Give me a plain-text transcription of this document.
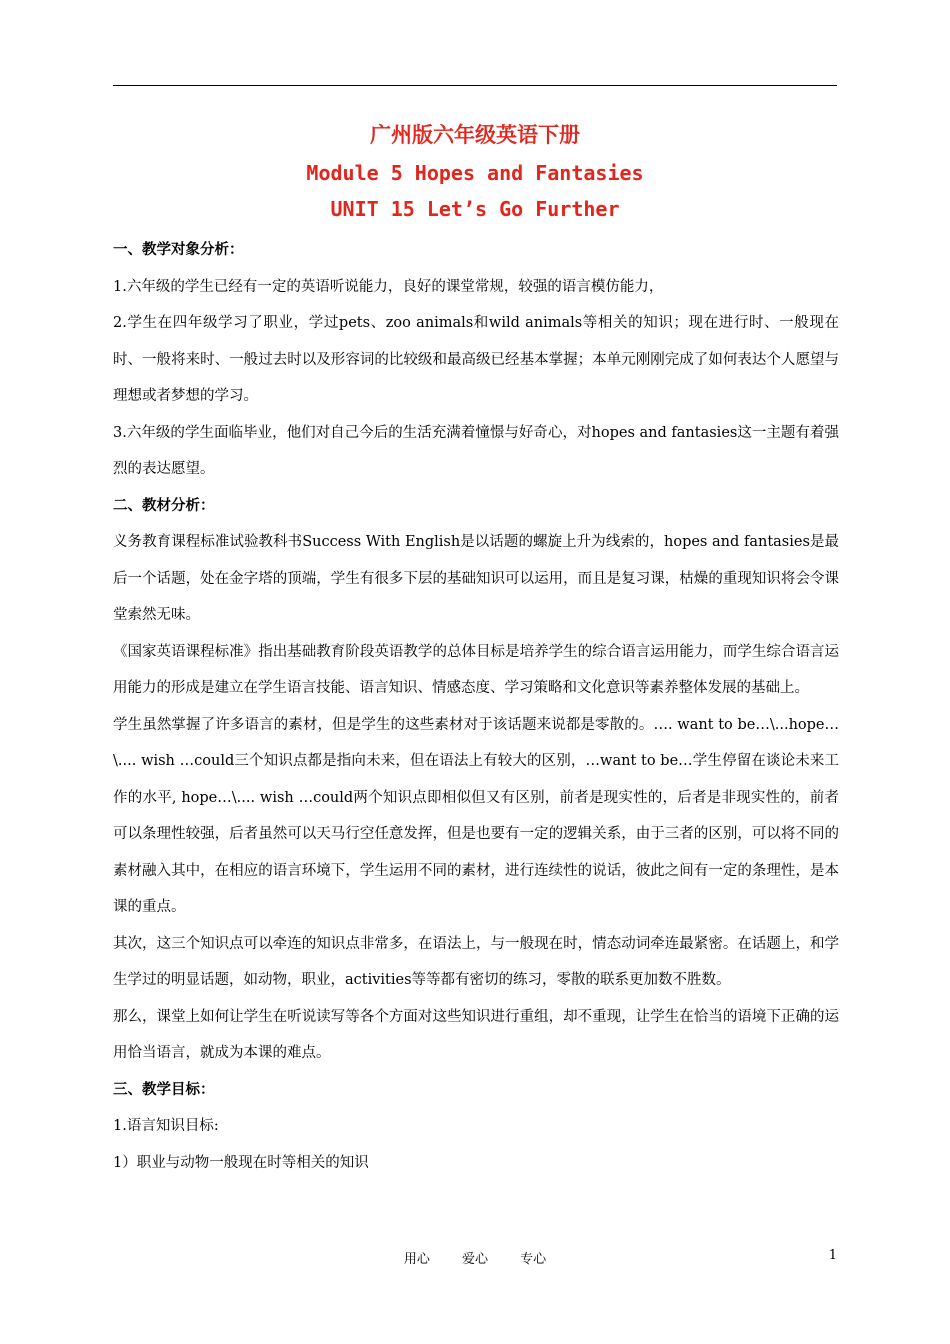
广州版六年级英语下册
Module 5 Hopes and Fantasies
UNIT 15 Let’s Go Further
一、教学对象分析：

1.六年级的学生已经有一定的英语听说能力，良好的课堂常规，较强的语言模仿能力，

2.学生在四年级学习了职业，学过pets、zoo animals和wild animals等相关的知识；现在进行时、一般现在时、一般将来时、一般过去时以及形容词的比较级和最高级已经基本掌握；本单元刚刚完成了如何表达个人愿望与理想或者梦想的学习。

3.六年级的学生面临毕业，他们对自己今后的生活充满着憧憬与好奇心，对hopes and fantasies这一主题有着强烈的表达愿望。

二、教材分析：

义务教育课程标准试验教科书Success With English是以话题的螺旋上升为线索的，hopes and fantasies是最后一个话题，处在金字塔的顶端，学生有很多下层的基础知识可以运用，而且是复习课，枯燥的重现知识将会令课堂索然无味。

《国家英语课程标准》指出基础教育阶段英语教学的总体目标是培养学生的综合语言运用能力，而学生综合语言运用能力的形成是建立在学生语言技能、语言知识、情感态度、学习策略和文化意识等素养整体发展的基础上。

学生虽然掌握了许多语言的素材，但是学生的这些素材对于该话题来说都是零散的。…. want to be…\...hope…\.... wish …could三个知识点都是指向未来，但在语法上有较大的区别，…want to be…学生停留在谈论未来工作的水平, hope…\.... wish …could两个知识点即相似但又有区别，前者是现实性的，后者是非现实性的，前者可以条理性较强，后者虽然可以天马行空任意发挥，但是也要有一定的逻辑关系，由于三者的区别，可以将不同的素材融入其中，在相应的语言环境下，学生运用不同的素材，进行连续性的说话，彼此之间有一定的条理性，是本课的重点。

其次，这三个知识点可以牵连的知识点非常多，在语法上，与一般现在时，情态动词牵连最紧密。在话题上，和学生学过的明显话题，如动物，职业，activities等等都有密切的练习，零散的联系更加数不胜数。

那么，课堂上如何让学生在听说读写等各个方面对这些知识进行重组，却不重现，让学生在恰当的语境下正确的运用恰当语言，就成为本课的难点。

三、教学目标：

1.语言知识目标:

1）职业与动物一般现在时等相关的知识

用心 爱心 专心	1
